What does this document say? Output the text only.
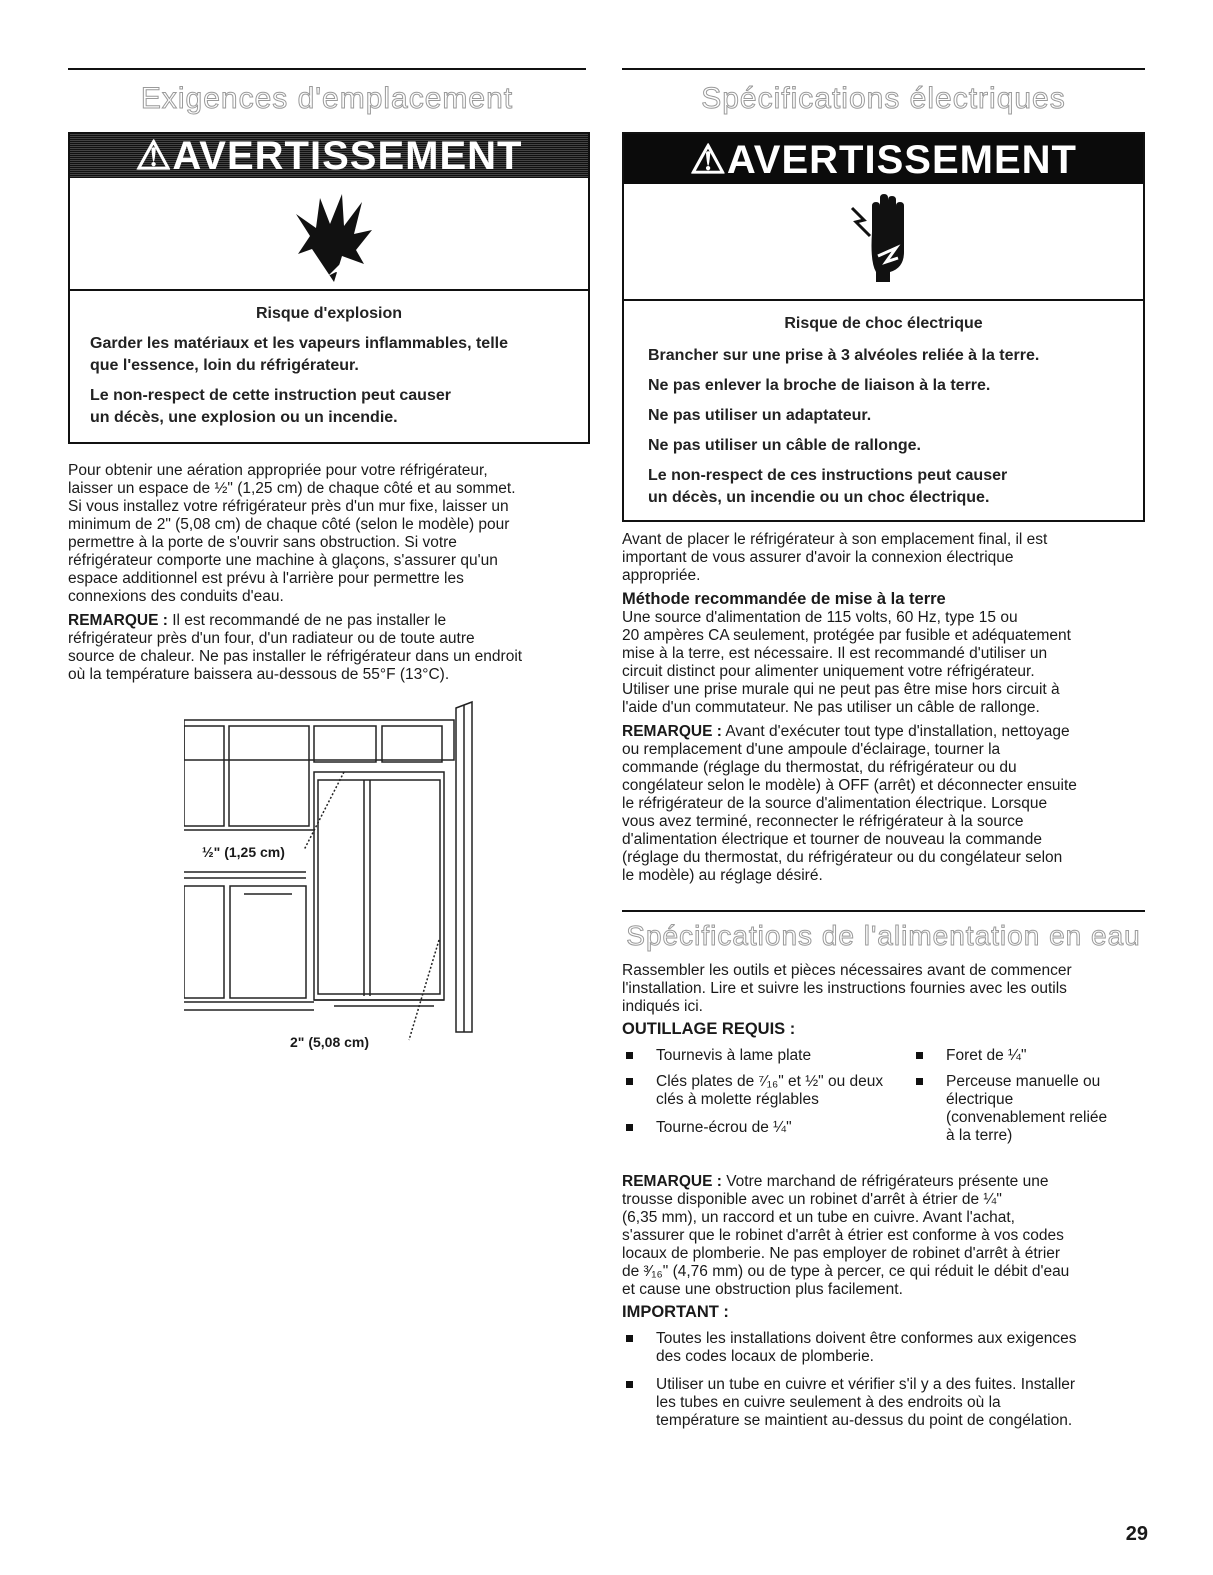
Exigences d'emplacement
⚠AVERTISSEMENT
Risque d'explosion
Garder les matériaux et les vapeurs inflammables, telle
que l'essence, loin du réfrigérateur.
Le non-respect de cette instruction peut causer
un décès, une explosion ou un incendie.

Pour obtenir une aération appropriée pour votre réfrigérateur,

laisser un espace de ½" (1,25 cm) de chaque côté et au sommet.

Si vous installez votre réfrigérateur près d'un mur fixe, laisser un

minimum de 2" (5,08 cm) de chaque côté (selon le modèle) pour

permettre à la porte de s'ouvrir sans obstruction. Si votre

réfrigérateur comporte une machine à glaçons, s'assurer qu'un

espace additionnel est prévu à l'arrière pour permettre les

connexions des conduits d'eau.

REMARQUE : Il est recommandé de ne pas installer le

réfrigérateur près d'un four, d'un radiateur ou de toute autre

source de chaleur. Ne pas installer le réfrigérateur dans un endroit

où la température baissera au-dessous de 55°F (13°C).

½" (1,25 cm)
2" (5,08 cm)
Spécifications électriques
⚠AVERTISSEMENT
Risque de choc électrique
Brancher sur une prise à 3 alvéoles reliée à la terre.
Ne pas enlever la broche de liaison à la terre.
Ne pas utiliser un adaptateur.
Ne pas utiliser un câble de rallonge.
Le non-respect de ces instructions peut causer
un décès, un incendie ou un choc électrique.

Avant de placer le réfrigérateur à son emplacement final, il est

important de vous assurer d'avoir la connexion électrique

appropriée.

Méthode recommandée de mise à la terre

Une source d'alimentation de 115 volts, 60 Hz, type 15 ou

20 ampères CA seulement, protégée par fusible et adéquatement

mise à la terre, est nécessaire. Il est recommandé d'utiliser un

circuit distinct pour alimenter uniquement votre réfrigérateur.

Utiliser une prise murale qui ne peut pas être mise hors circuit à

l'aide d'un commutateur. Ne pas utiliser un câble de rallonge.

REMARQUE : Avant d'exécuter tout type d'installation, nettoyage

ou remplacement d'une ampoule d'éclairage, tourner la

commande (réglage du thermostat, du réfrigérateur ou du

congélateur selon le modèle) à OFF (arrêt) et déconnecter ensuite

le réfrigérateur de la source d'alimentation électrique. Lorsque

vous avez terminé, reconnecter le réfrigérateur à la source

d'alimentation électrique et tourner de nouveau la commande

(réglage du thermostat, du réfrigérateur ou du congélateur selon

le modèle) au réglage désiré.

Spécifications de l'alimentation en eau

Rassembler les outils et pièces nécessaires avant de commencer

l'installation. Lire et suivre les instructions fournies avec les outils

indiqués ici.

OUTILLAGE REQUIS :

Tournevis à lame plate
Clés plates de ⁷⁄₁₆" et ½" ou deux
clés à molette réglables
Tourne-écrou de ¼"
Foret de ¼"
Perceuse manuelle ou
électrique
(convenablement reliée
à la terre)

REMARQUE : Votre marchand de réfrigérateurs présente une

trousse disponible avec un robinet d'arrêt à étrier de ¼"

(6,35 mm), un raccord et un tube en cuivre. Avant l'achat,

s'assurer que le robinet d'arrêt à étrier est conforme à vos codes

locaux de plomberie. Ne pas employer de robinet d'arrêt à étrier

de ³⁄₁₆" (4,76 mm) ou de type à percer, ce qui réduit le débit d'eau

et cause une obstruction plus facilement.

IMPORTANT :

Toutes les installations doivent être conformes aux exigences
des codes locaux de plomberie.
Utiliser un tube en cuivre et vérifier s'il y a des fuites. Installer
les tubes en cuivre seulement à des endroits où la
température se maintient au-dessus du point de congélation.
29
